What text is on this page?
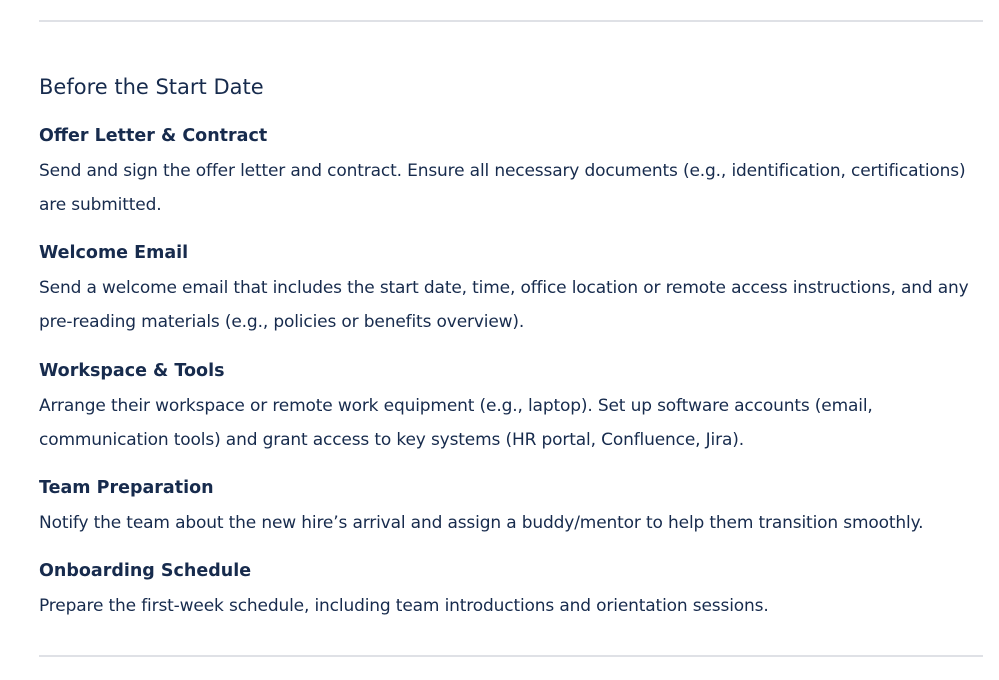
Before the Start Date
Offer Letter & Contract

Send and sign the offer letter and contract. Ensure all necessary documents (e.g., identification, certifications) are submitted.

Welcome Email

Send a welcome email that includes the start date, time, office location or remote access instructions, and any pre-reading materials (e.g., policies or benefits overview).

Workspace & Tools

Arrange their workspace or remote work equipment (e.g., laptop). Set up software accounts (email, communication tools) and grant access to key systems (HR portal, Confluence, Jira).

Team Preparation

Notify the team about the new hire’s arrival and assign a buddy/mentor to help them transition smoothly.

Onboarding Schedule

Prepare the first-week schedule, including team introductions and orientation sessions.
